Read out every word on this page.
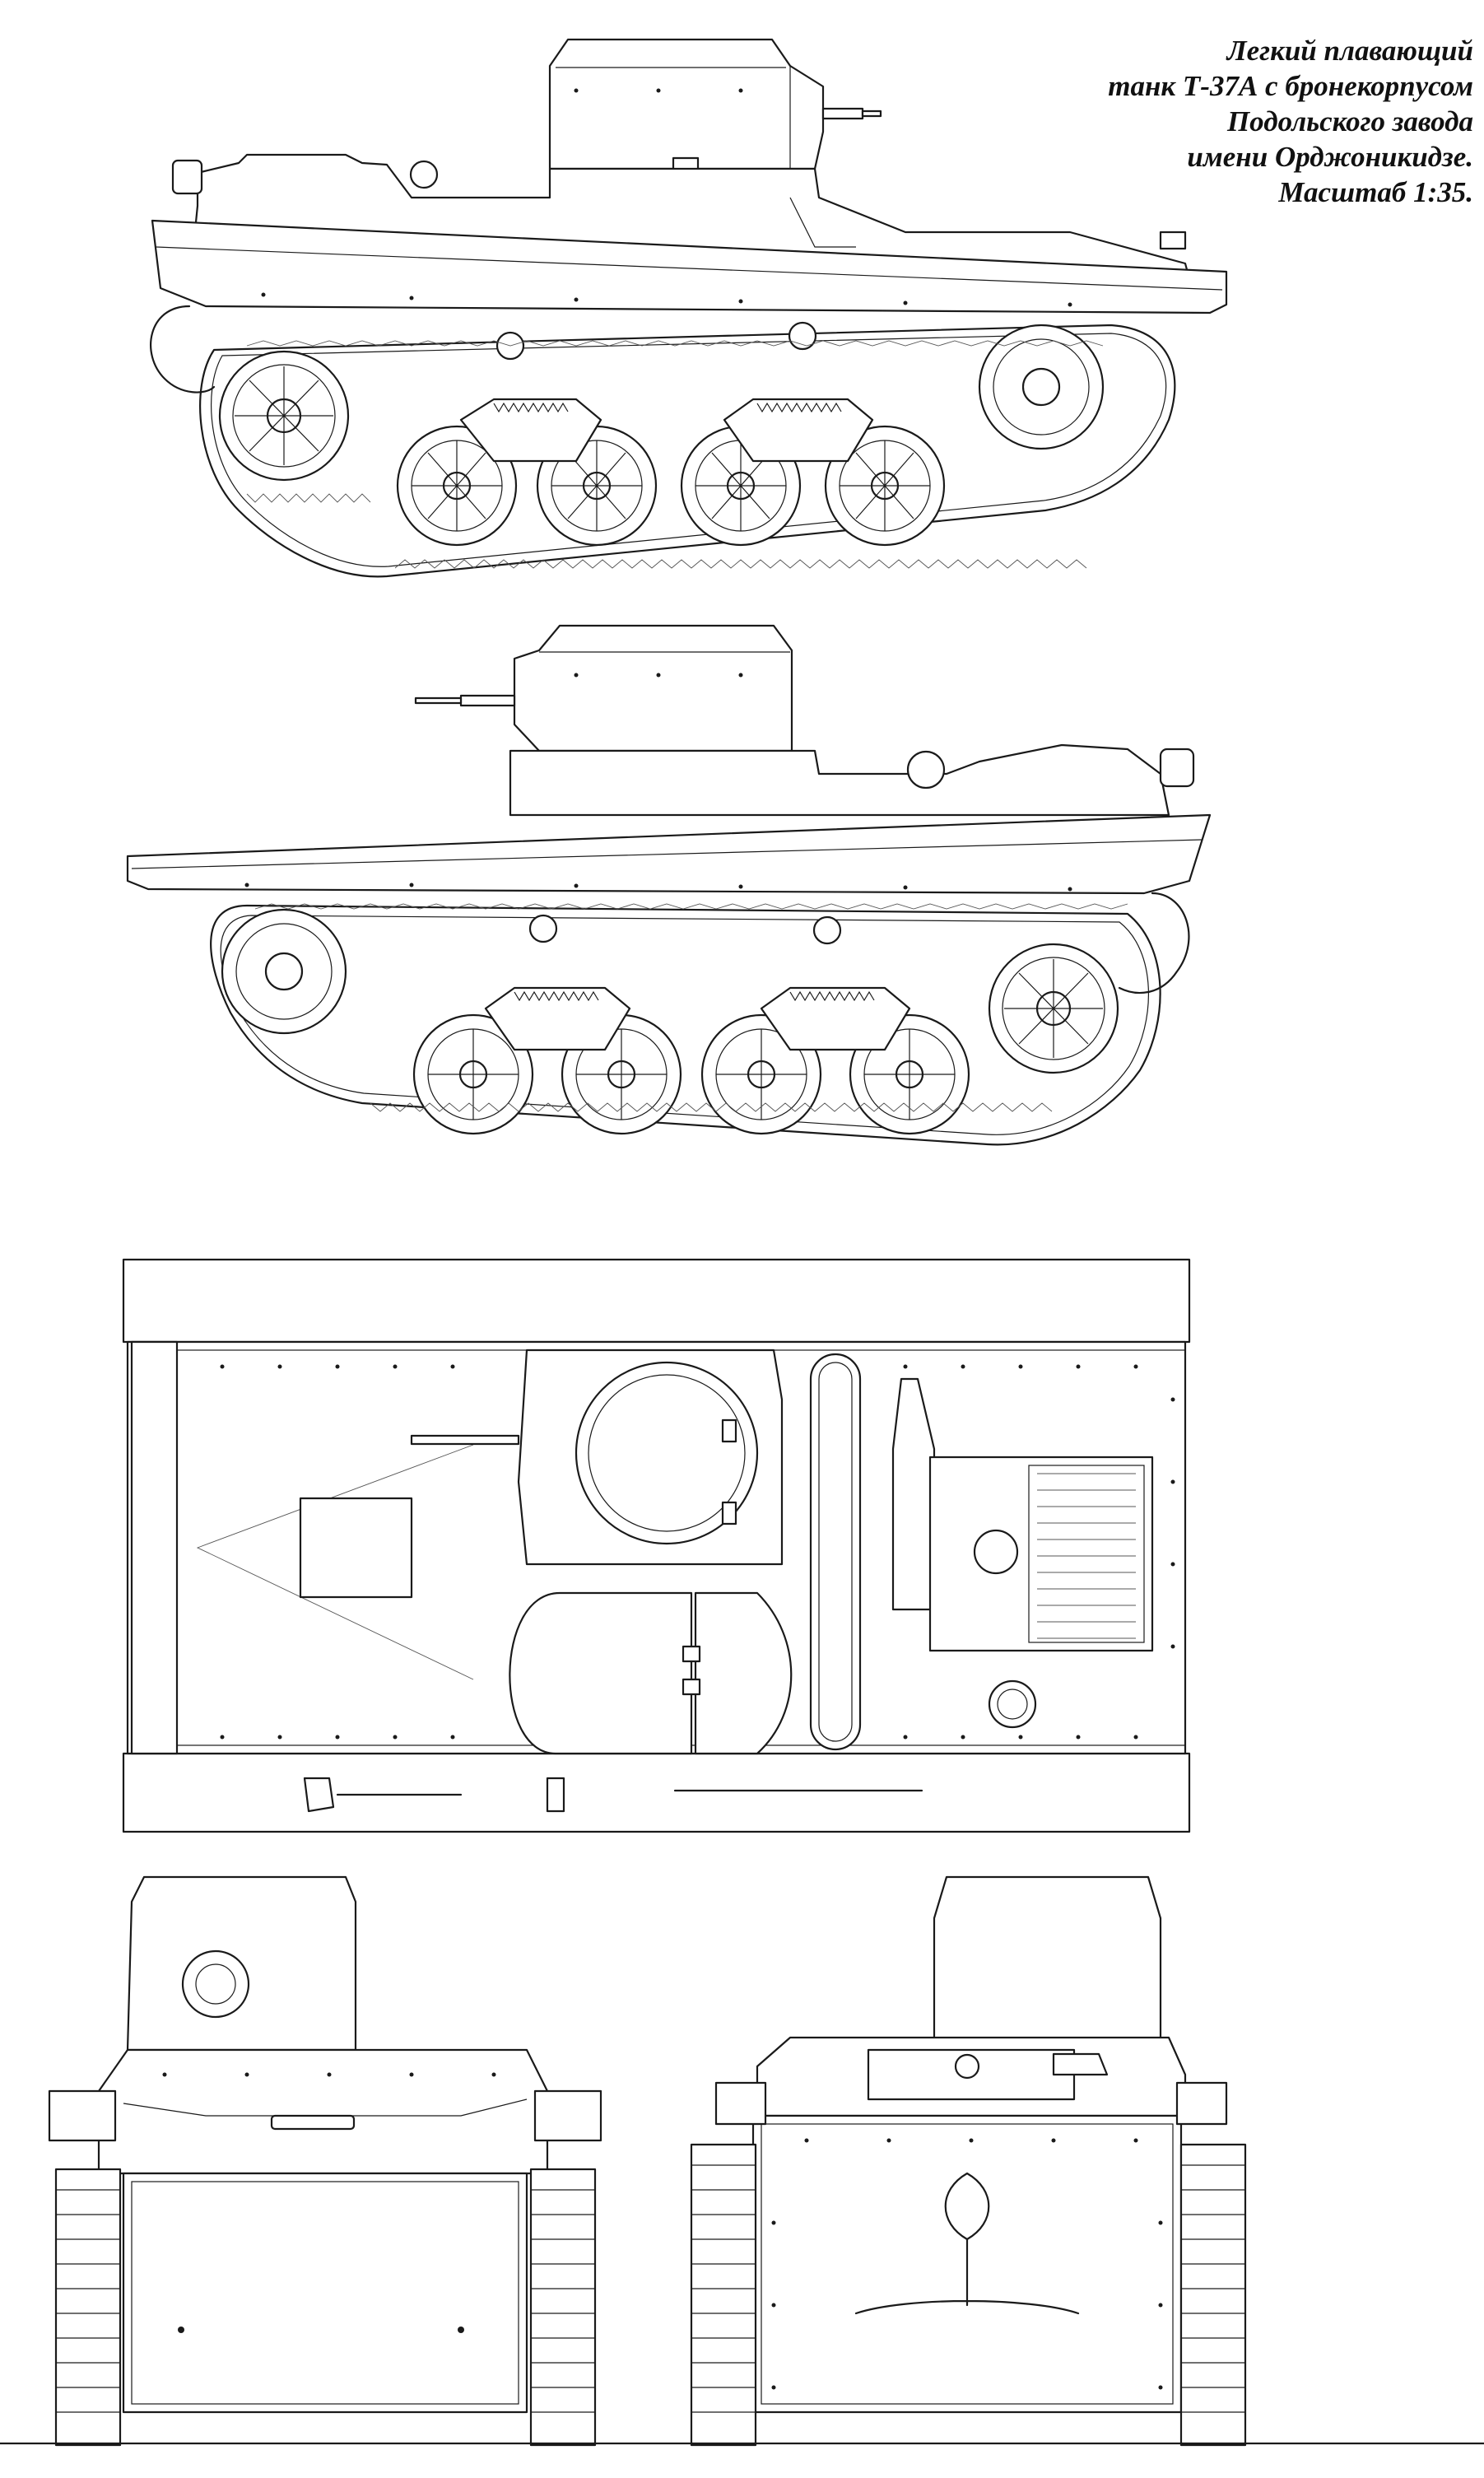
Легкий плавающий
танк Т-37А с бронекорпусом
Подольского завода
имени Орджоникидзе.
Масштаб 1:35.
